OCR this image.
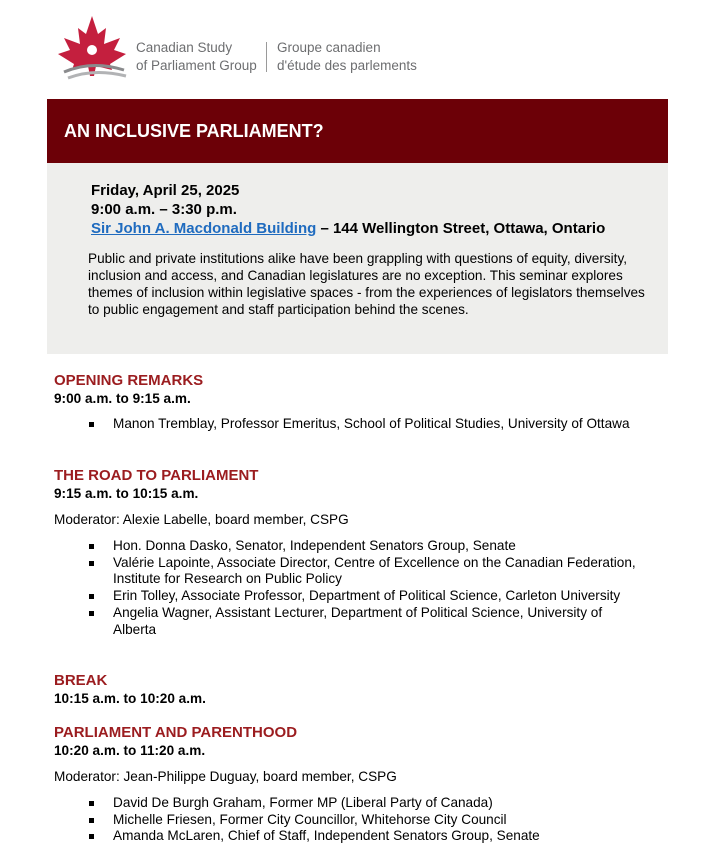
Canadian Study
of Parliament Group
Groupe canadien
d'étude des parlements
AN INCLUSIVE PARLIAMENT?
Friday, April 25, 2025
9:00 a.m. – 3:30 p.m.
Sir John A. Macdonald Building – 144 Wellington Street, Ottawa, Ontario
Public and private institutions alike have been grappling with questions of equity, diversity, inclusion and access, and Canadian legislatures are no exception. This seminar explores themes of inclusion within legislative spaces - from the experiences of legislators themselves to public engagement and staff participation behind the scenes.
OPENING REMARKS
9:00 a.m. to 9:15 a.m.
Manon Tremblay, Professor Emeritus, School of Political Studies, University of Ottawa
THE ROAD TO PARLIAMENT
9:15 a.m. to 10:15 a.m.
Moderator: Alexie Labelle, board member, CSPG
Hon. Donna Dasko, Senator, Independent Senators Group, Senate
Valérie Lapointe, Associate Director, Centre of Excellence on the Canadian Federation, Institute for Research on Public Policy
Erin Tolley, Associate Professor, Department of Political Science, Carleton University
Angelia Wagner, Assistant Lecturer, Department of Political Science, University of Alberta
BREAK
10:15 a.m. to 10:20 a.m.
PARLIAMENT AND PARENTHOOD
10:20 a.m. to 11:20 a.m.
Moderator: Jean-Philippe Duguay, board member, CSPG
David De Burgh Graham, Former MP (Liberal Party of Canada)
Michelle Friesen, Former City Councillor, Whitehorse City Council
Amanda McLaren, Chief of Staff, Independent Senators Group, Senate
